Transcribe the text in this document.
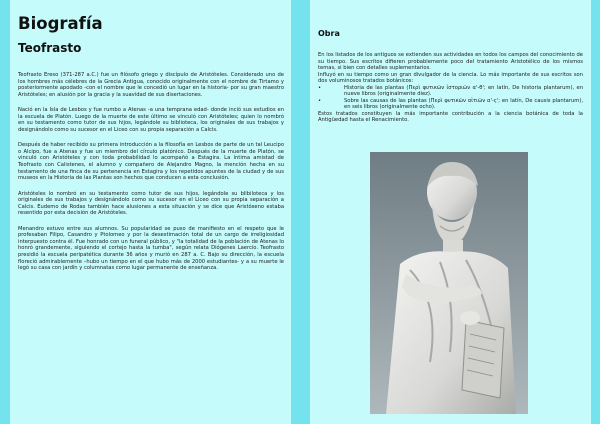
Biografía
Teofrasto

Teofrasto Ereso (371-287 a.C.) fue un filósofo griego y discípulo de Aristóteles. Considerado uno de los hombres más célebres de la Grecia Antigua, conocido originalmente con el nombre de Tirtamo y posteriormente apodado -con el nombre que le concedió un lugar en la historia- por su gran maestro Aristóteles; en alusión por la gracia y la suavidad de sus disertaciones.

Nació en la Isla de Lesbos y fue rumbo a Atenas -a una temprana edad- donde inció sus estudios en la escuela de Platón. Luego de la muerte de este último se vinculó con Aristóteles; quien lo nombró en su testamento como tutor de sus hijos, legándole su biblioteca, los originales de sus trabajos y designándolo como su sucesor en el Liceo con su propia separación a Calcis.

Después de haber recibido su primera introducción a la filosofía en Lesbos de parte de un tal Leucipo o Alcipo, fue a Atenas y fue un miembro del círculo platónico. Después de la muerte de Platón, se vinculó con Aristóteles y con toda probabilidad lo acompañó a Estagira. La íntima amistad de Teofrasto con Calistenes, el alumno y compañero de Alejandro Magno, la mención hecha en su testamento de una finca de su pertenencia en Estagira y los repetidos apuntes de la ciudad y de sus museos en la Historia de las Plantas son hechos que conducen a esta conclusión.

Aristóteles lo nombró en su testamento como tutor de sus hijos, legándole su blibiloteca y los originales de sus trabajos y designándolo como su sucesor en el Liceo con su propia separación a Calcis. Eudemo de Rodas también hace alusiones a esta situación y se dice que Aristóxeno estaba resentido por esta decisión de Aristóteles.

Menandro estuvo entre sus alumnos. Su popularidad se puso de manifiesto en el respeto que le profesaban Filipo, Casandro y Ptolomeo y por la desestimación total de un cargo de irreligiosidad interpuesto contra él. Fue honrado con un funeral público, y "la totalidad de la población de Atenas lo honró grandemente, siguiendo el cortejo hasta la tumba", según relata Diógenes Laercio. Teofrasto presidió la escuela peripatética durante 36 años y murió en 287 a. C. Bajo su dirección, la escuela floreció admirablemente –hubo un tiempo en el que hubo más de 2000 estudiantes- y a su muerte le legó su casa con jardín y columnatas como lugar permanente de enseñanza.

Obra

En los listados de los antiguos se extienden sus actividades en todos los campos del conocimiento de su tiempo. Sus escritos difieren probablemente poco del tratamiento Aristotélico de los mismos temas, si bien con detalles suplementarios.

Influyó en su tiempo como un gran divulgador de la ciencia. Lo más importante de sus escritos son dos voluminosos tratados botánicos:

•	Historia de las plantas (Περὶ φυτικῶν ἱστοριῶν α'-θ'; en latín, De historia plantarum), en nueve libros (originalmente diez).
•	Sobre las causas de las plantas (Περὶ φυτικῶν αἰτιῶν α'-ς'; en latín, De causis plantarum), en seis libros (originalmente ocho).

Estos tratados constituyen la más importante contribución a la ciencia botánica de toda la Antigüedad hasta el Renacimiento.
